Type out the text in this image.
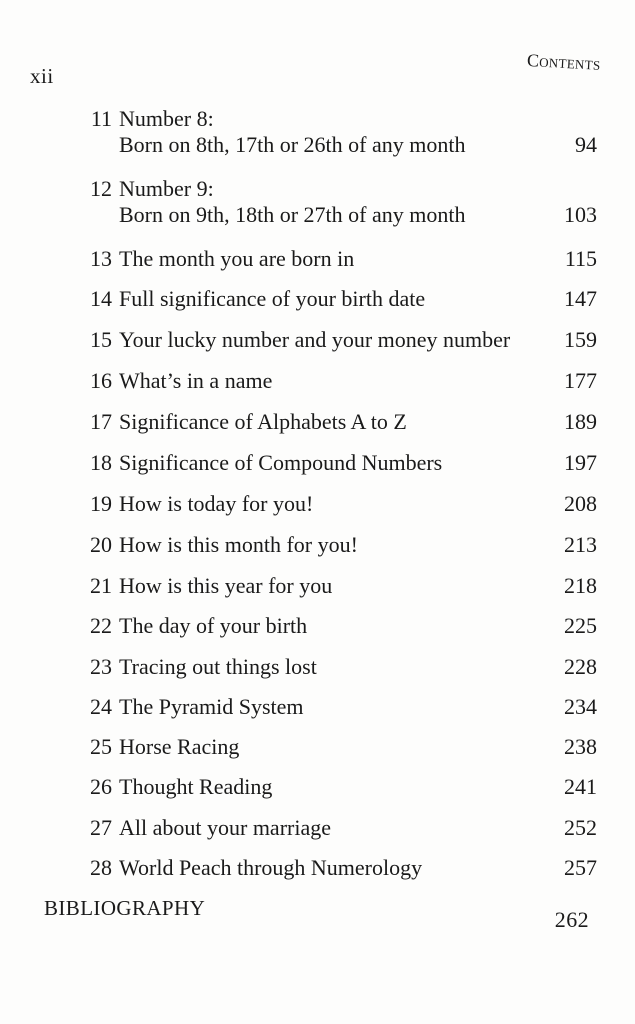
xii
Contents
11 Number 8:
Born on 8th, 17th or 26th of any month	94
12 Number 9:
Born on 9th, 18th or 27th of any month	103
13 The month you are born in	115
14 Full significance of your birth date	147
15 Your lucky number and your money number 159
16 What’s in a name	177
17 Significance of Alphabets A to Z	189
18 Significance of Compound Numbers	197
19 How is today for you!	208
20 How is this month for you!	213
21 How is this year for you	218
22 The day of your birth	225
23 Tracing out things lost	228
24 The Pyramid System	234
25 Horse Racing	238
26 Thought Reading	241
27 All about your marriage	252
28 World Peach through Numerology	257
BIBLIOGRAPHY	262
